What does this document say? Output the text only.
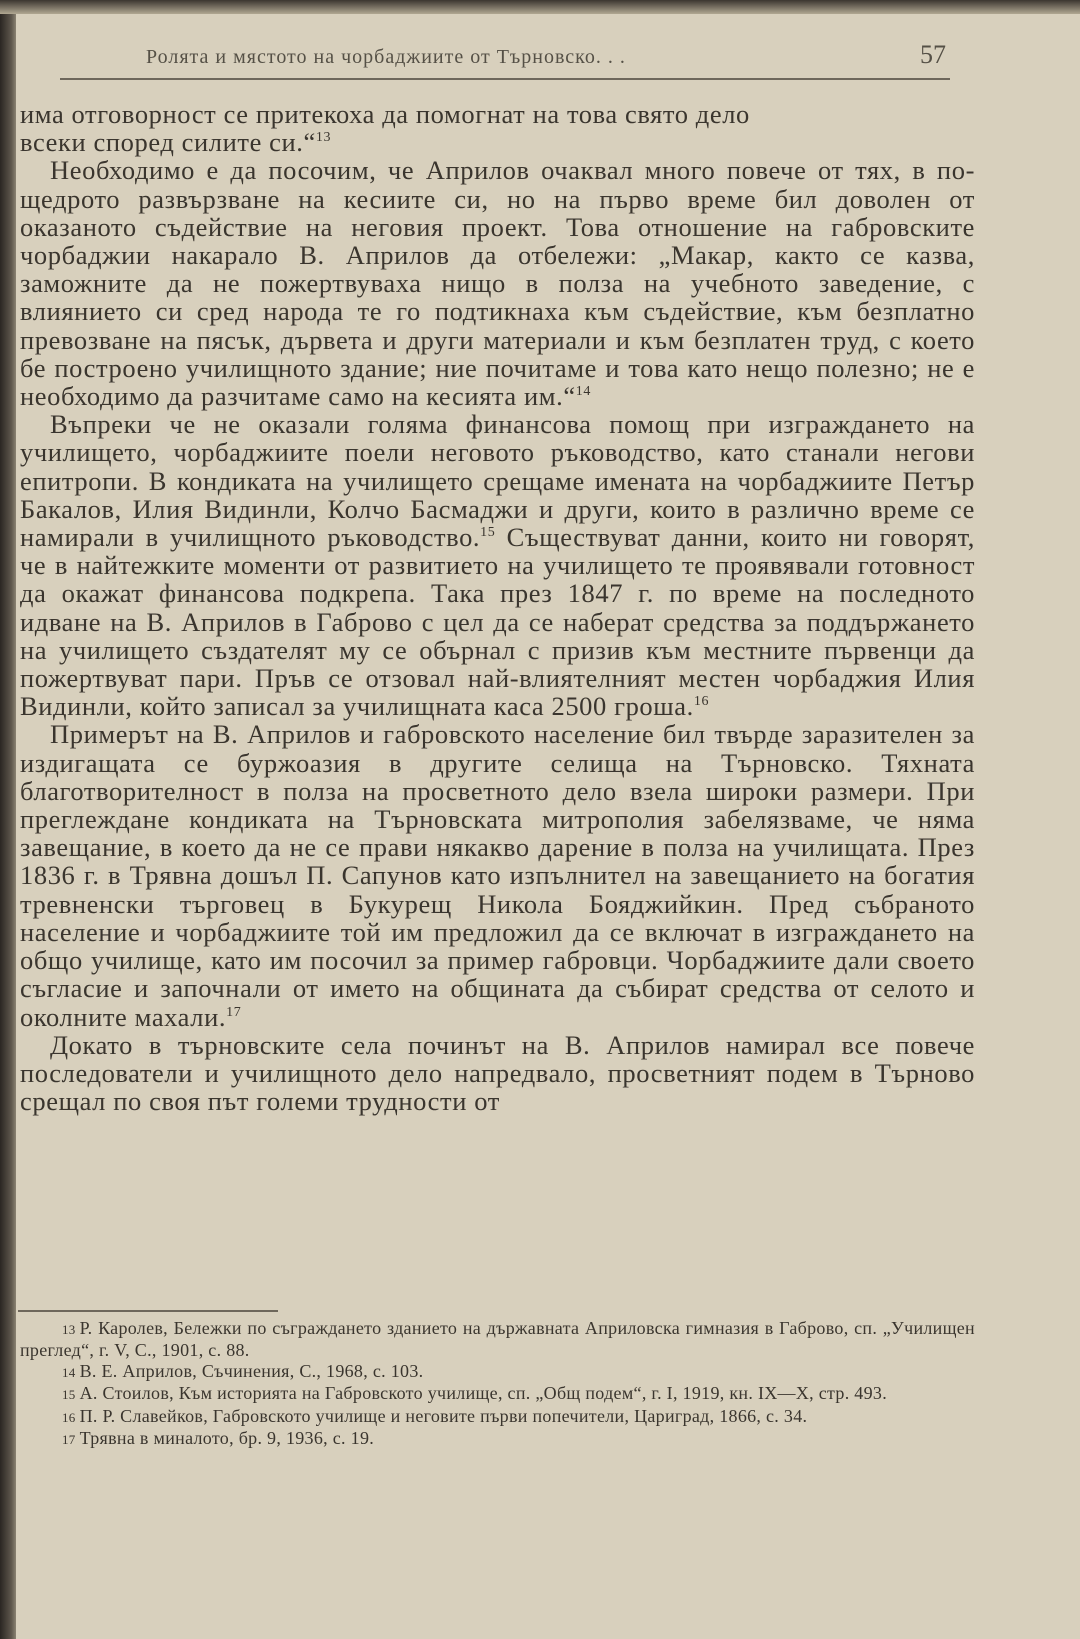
Ролята и мястото на чорбаджиите от Търновско. . .	57

има отговорност се притекоха да помогнат на това свято дело

всеки според силите си.“$^{13}$

Необходимо е да посочим, че Априлов очаквал много повече от тях, в по-щедрото развързване на кесиите си, но на първо време бил доволен от оказаното съдействие на неговия проект. Това отношение на габровските чорбаджии накарало В. Априлов да отбележи: „Макар, както се казва, заможните да не пожертвуваха нищо в полза на учебното заведение, с влиянието си сред народа те го подтикнаха към съдействие, към безплатно превозване на пясък, дървета и други материали и към безплатен труд, с което бе построено училищното здание; ние почитаме и това като нещо полезно; не е необходимо да разчитаме само на кесията им.“$^{14}$

Въпреки че не оказали голяма финансова помощ при изграждането на училището, чорбаджиите поели неговото ръководство, като станали негови епитропи. В кондиката на училището срещаме имената на чорбаджиите Петър Бакалов, Илия Видинли, Колчо Басмаджи и други, които в различно време се намирали в училищното ръководство.$^{15}$ Съществуват данни, които ни говорят, че в найтежките моменти от развитието на училището те проявявали готовност да окажат финансова подкрепа. Така през 1847 г. по време на последното идване на В. Априлов в Габрово с цел да се наберат средства за поддържането на училището създателят му се обърнал с призив към местните първенци да пожертвуват пари. Пръв се отзовал най-влиятелният местен чорбаджия Илия Видинли, който записал за училищната каса 2500 гроша.$^{16}$

Примерът на В. Априлов и габровското население бил твърде заразителен за издигащата се буржоазия в другите селища на Търновско. Тяхната благотворителност в полза на просветното дело взела широки размери. При преглеждане кондиката на Търновската митрополия забелязваме, че няма завещание, в което да не се прави някакво дарение в полза на училищата. През 1836 г. в Трявна дошъл П. Сапунов като изпълнител на завещанието на богатия тревненски търговец в Букурещ Никола Бояджийкин. Пред събраното население и чорбаджиите той им предложил да се включат в изграждането на общо училище, като им посочил за пример габровци. Чорбаджиите дали своето съгласие и започнали от името на общината да събират средства от селото и околните махали.$^{17}$

Докато в търновските села починът на В. Априлов намирал все повече последователи и училищното дело напредвало, просветният подем в Търново срещал по своя път големи трудности от

13 Р. Каролев, Бележки по съграждането зданието на държавната Априловска гимназия в Габрово, сп. „Училищен преглед“, г. V, С., 1901, с. 88.

14 В. Е. Априлов, Съчинения, С., 1968, с. 103.

15 А. Стоилов, Към историята на Габровското училище, сп. „Общ подем“, г. I, 1919, кн. IX—X, стр. 493.

16 П. Р. Славейков, Габровското училище и неговите първи попечители, Цариград, 1866, с. 34.

17 Трявна в миналото, бр. 9, 1936, с. 19.
